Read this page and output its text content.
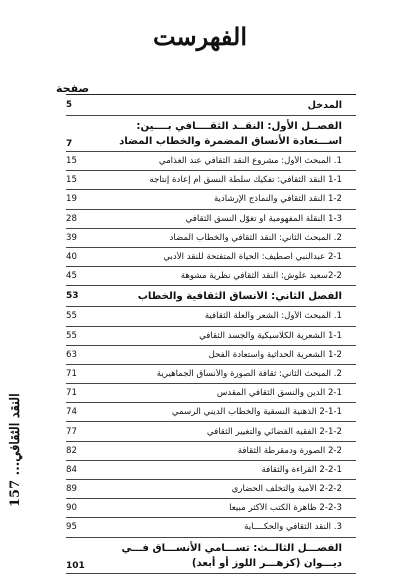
الفهرست
صفحة
المدخل
5
الفصــل الأول: النقــد الثقــــافي بــــين: اســـتعادة الأنساق المضمرة والخطاب المضاد
7
1. المبحث الأول: مشروع النقد الثقافي عند الغذامي
15
1-1 النقد الثقافي: تفكيك سلطة النسق أم إعادة إنتاجه
15
1-2 النقد الثقافي والنماذج الإرشادية
19
1-3 النقلة المفهومية أو تغوّل النسق الثقافي
28
2. المبحث الثاني: النقد الثقافي والخطاب المضاد
39
2-1 عبدالنبي اصطيف: الحياة المتفتحة للنقد الأدبي
40
2-2سعيد علوش: النقد الثقافي نظرية مشوهة
45
الفصل الثاني: الأنساق الثقافية والخطاب
53
1. المبحث الأول: الشعر والعلة الثقافية
55
1-1 الشعرية الكلاسيكية والجسد الثقافي
55
1-2 الشعرية الحداثية واستعادة الفحل
63
2. المبحث الثاني: ثقافة الصورة والأنساق الجماهيرية
71
2-1 الدين والنسق الثقافي المقدس
71
2-1-1 الذهنية النسقية والخطاب الديني الرسمي
74
2-1-2 الفقيه الفضائي والتغيير الثقافي
77
2-2 الصورة ودمقرطة الثقافة
82
2-2-1 القراءة والثقافة
84
2-2-2 الأمية والتخلف الحضاري
89
2-2-3 ظاهرة الكتب الأكثر مبيعا
90
3. النقد الثقافي والحكــــاية
95
الفصـــل الثالــث: تســـامي الأنســـاق فـــي ديـــوان (كزهـــر اللوز أو أبعد)
101
النقد الثقافي... 157
